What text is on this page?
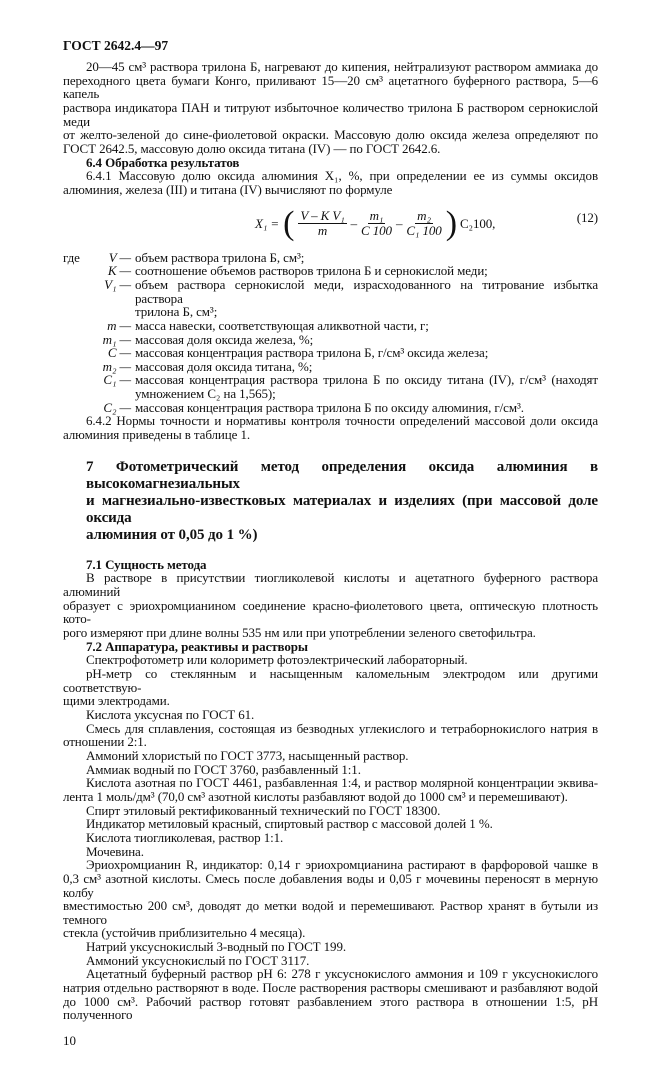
ГОСТ 2642.4—97
20—45 см³ раствора трилона Б, нагревают до кипения, нейтрализуют раствором аммиака до
переходного цвета бумаги Конго, приливают 15—20 см³ ацетатного буферного раствора, 5—6 капель
раствора индикатора ПАН и титруют избыточное количество трилона Б раствором сернокислой меди
от желто-зеленой до сине-фиолетовой окраски. Массовую долю оксида железа определяют по
ГОСТ 2642.5, массовую долю оксида титана (IV) — по ГОСТ 2642.6.
6.4 Обработка результатов
6.4.1 Массовую долю оксида алюминия X₁, %, при определении ее из суммы оксидов
алюминия, железа (III) и титана (IV) вычисляют по формуле
X₁ = ( $\frac{\text{V – K V₁}}{m} - \frac{\text{m₁}}{C 100} - \frac{\text{m₂}}{\text{C₁ 100}}$ ) C₂100,	(12)
где	V — объем раствора трилона Б, см³;
K — соотношение объемов растворов трилона Б и сернокислой меди;
V₁ — объем раствора сернокислой меди, израсходованного на титрование избытка раствора
трилона Б, см³;
m — масса навески, соответствующая аликвотной части, г;
m₁ — массовая доля оксида железа, %;
C — массовая концентрация раствора трилона Б, г/см³ оксида железа;
m₂ — массовая доля оксида титана, %;
C₁ — массовая концентрация раствора трилона Б по оксиду титана (IV), г/см³ (находят
умножением C₂ на 1,565);
C₂ — массовая концентрация раствора трилона Б по оксиду алюминия, г/см³.
6.4.2 Нормы точности и нормативы контроля точности определений массовой доли оксида
алюминия приведены в таблице 1.
7 Фотометрический метод определения оксида алюминия в высокомагнезиальных
и магнезиально-известковых материалах и изделиях (при массовой доле оксида
алюминия от 0,05 до 1 %)
7.1 Сущность метода
В растворе в присутствии тиогликолевой кислоты и ацетатного буферного раствора алюминий
образует с эриохромцианином соединение красно-фиолетового цвета, оптическую плотность кото-
рого измеряют при длине волны 535 нм или при употреблении зеленого светофильтра.
7.2 Аппаратура, реактивы и растворы
Спектрофотометр или колориметр фотоэлектрический лабораторный.
pH-метр со стеклянным и насыщенным каломельным электродом или другими соответствую-
щими электродами.
Кислота уксусная по ГОСТ 61.
Смесь для сплавления, состоящая из безводных углекислого и тетраборнокислого натрия в
отношении 2:1.
Аммоний хлористый по ГОСТ 3773, насыщенный раствор.
Аммиак водный по ГОСТ 3760, разбавленный 1:1.
Кислота азотная по ГОСТ 4461, разбавленная 1:4, и раствор молярной концентрации эквива-
лента 1 моль/дм³ (70,0 см³ азотной кислоты разбавляют водой до 1000 см³ и перемешивают).
Спирт этиловый ректификованный технический по ГОСТ 18300.
Индикатор метиловый красный, спиртовый раствор с массовой долей 1 %.
Кислота тиогликолевая, раствор 1:1.
Мочевина.
Эриохромцианин R, индикатор: 0,14 г эриохромцианина растирают в фарфоровой чашке в
0,3 см³ азотной кислоты. Смесь после добавления воды и 0,05 г мочевины переносят в мерную колбу
вместимостью 200 см³, доводят до метки водой и перемешивают. Раствор хранят в бутыли из темного
стекла (устойчив приблизительно 4 месяца).
Натрий уксуснокислый 3-водный по ГОСТ 199.
Аммоний уксуснокислый по ГОСТ 3117.
Ацетатный буферный раствор pH 6: 278 г уксуснокислого аммония и 109 г уксуснокислого
натрия отдельно растворяют в воде. После растворения растворы смешивают и разбавляют водой
до 1000 см³. Рабочий раствор готовят разбавлением этого раствора в отношении 1:5, pH полученного
10
